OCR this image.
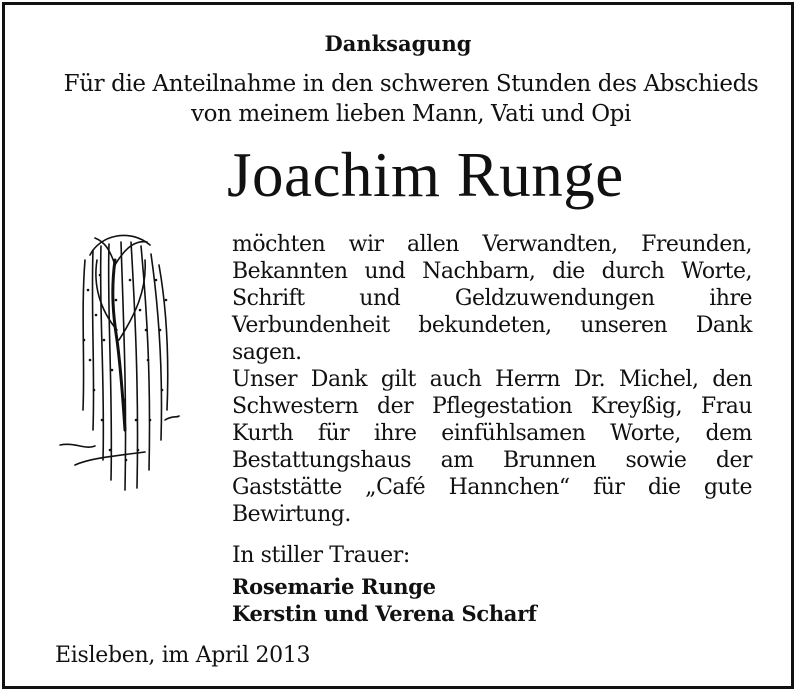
Danksagung
Für die Anteilnahme in den schweren Stunden des Abschieds
von meinem lieben Mann, Vati und Opi
Joachim Runge

möchten wir allen Verwandten, Freunden, Bekannten und Nachbarn, die durch Worte, Schrift und Geldzuwendungen ihre Verbundenheit bekundeten, unseren Dank sagen.

Unser Dank gilt auch Herrn Dr. Michel, den Schwestern der Pflegestation Kreyßig, Frau Kurth für ihre einfühlsamen Worte, dem Bestattungshaus am Brunnen sowie der Gaststätte „Café Hannchen“ für die gute Bewirtung.

In stiller Trauer:
Rosemarie Runge
Kerstin und Verena Scharf
Eisleben, im April 2013
